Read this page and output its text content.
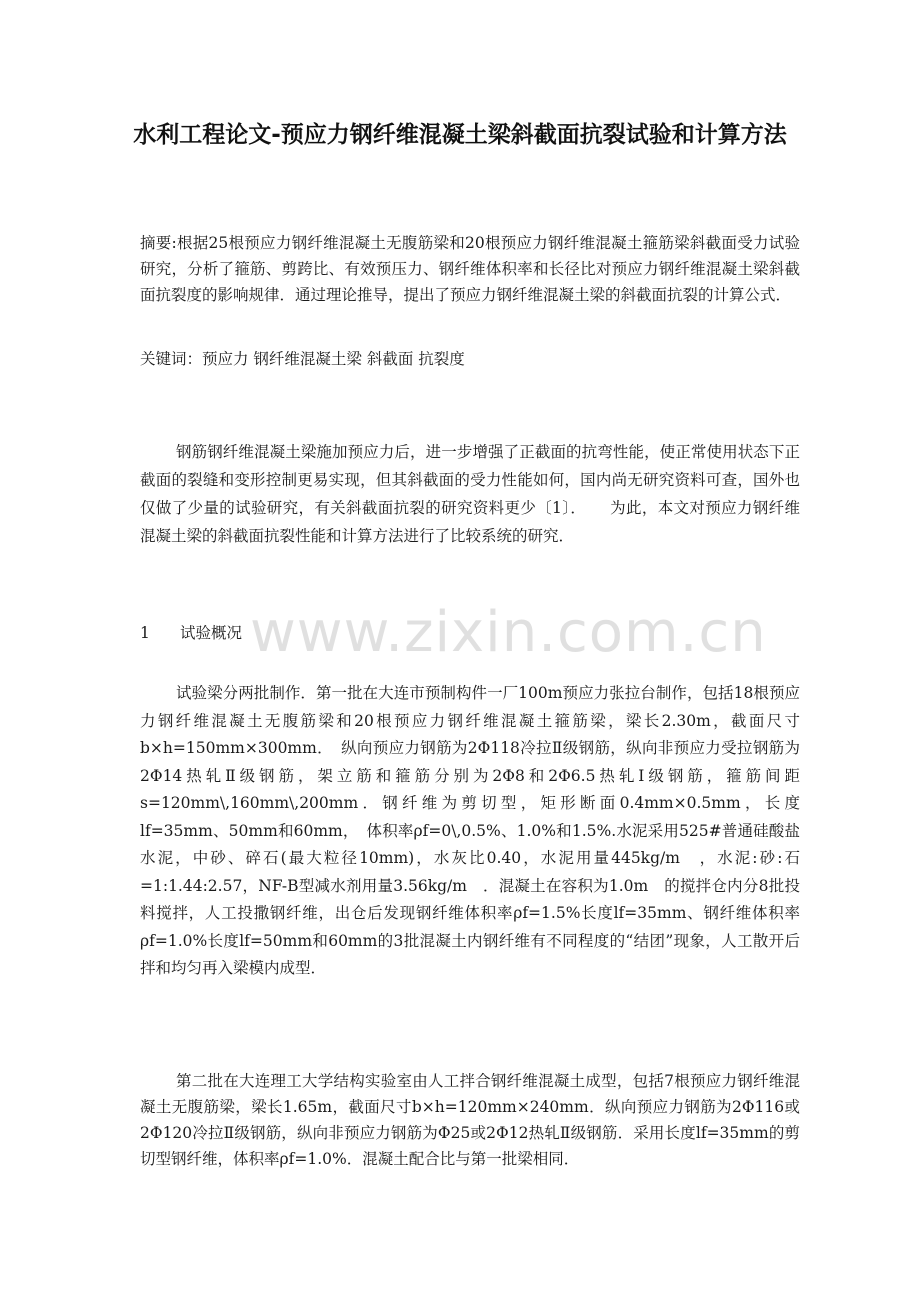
水利工程论文-预应力钢纤维混凝土梁斜截面抗裂试验和计算方法
摘要:根据25根预应力钢纤维混凝土无腹筋梁和20根预应力钢纤维混凝土箍筋梁斜截面受力试验研究，分析了箍筋、剪跨比、有效预压力、钢纤维体积率和长径比对预应力钢纤维混凝土梁斜截面抗裂度的影响规律．通过理论推导，提出了预应力钢纤维混凝土梁的斜截面抗裂的计算公式．
关键词：预应力 钢纤维混凝土梁 斜截面 抗裂度
钢筋钢纤维混凝土梁施加预应力后，进一步增强了正截面的抗弯性能，使正常使用状态下正截面的裂缝和变形控制更易实现，但其斜截面的受力性能如何，国内尚无研究资料可查，国外也仅做了少量的试验研究，有关斜截面抗裂的研究资料更少〔1〕．　　为此，本文对预应力钢纤维混凝土梁的斜截面抗裂性能和计算方法进行了比较系统的研究．
1 试验概况
试验梁分两批制作．第一批在大连市预制构件一厂100m预应力张拉台制作，包括18根预应力钢纤维混凝土无腹筋梁和20根预应力钢纤维混凝土箍筋梁，梁长2.30m，截面尺寸b×h=150mm×300mm．　纵向预应力钢筋为2Φ118冷拉Ⅱ级钢筋，纵向非预应力受拉钢筋为2Φ14热轧Ⅱ级钢筋，架立筋和箍筋分别为2Φ8和2Φ6.5热轧Ⅰ级钢筋，箍筋间距s=120mm\,160mm\,200mm．钢纤维为剪切型，矩形断面0.4mm×0.5mm，长度lf=35mm、50mm和60mm，　体积率ρf=0\,0.5%、1.0%和1.5%.水泥采用525#普通硅酸盐水泥，中砂、碎石(最大粒径10mm)，水灰比0.40，水泥用量445kg/m　，水泥:砂:石=1:1.44:2.57，NF-B型减水剂用量3.56kg/m　．混凝土在容积为1.0m　的搅拌仓内分8批投料搅拌，人工投撒钢纤维，出仓后发现钢纤维体积率ρf=1.5%长度lf=35mm、钢纤维体积率ρf=1.0%长度lf=50mm和60mm的3批混凝土内钢纤维有不同程度的“结团”现象，人工散开后拌和均匀再入梁模内成型．
第二批在大连理工大学结构实验室由人工拌合钢纤维混凝土成型，包括7根预应力钢纤维混凝土无腹筋梁，梁长1.65m，截面尺寸b×h=120mm×240mm．纵向预应力钢筋为2Φ116或2Φ120冷拉Ⅱ级钢筋，纵向非预应力钢筋为Φ25或2Φ12热轧Ⅱ级钢筋．采用长度lf=35mm的剪切型钢纤维，体积率ρf=1.0%．混凝土配合比与第一批梁相同．
www.zixin.com.cn
